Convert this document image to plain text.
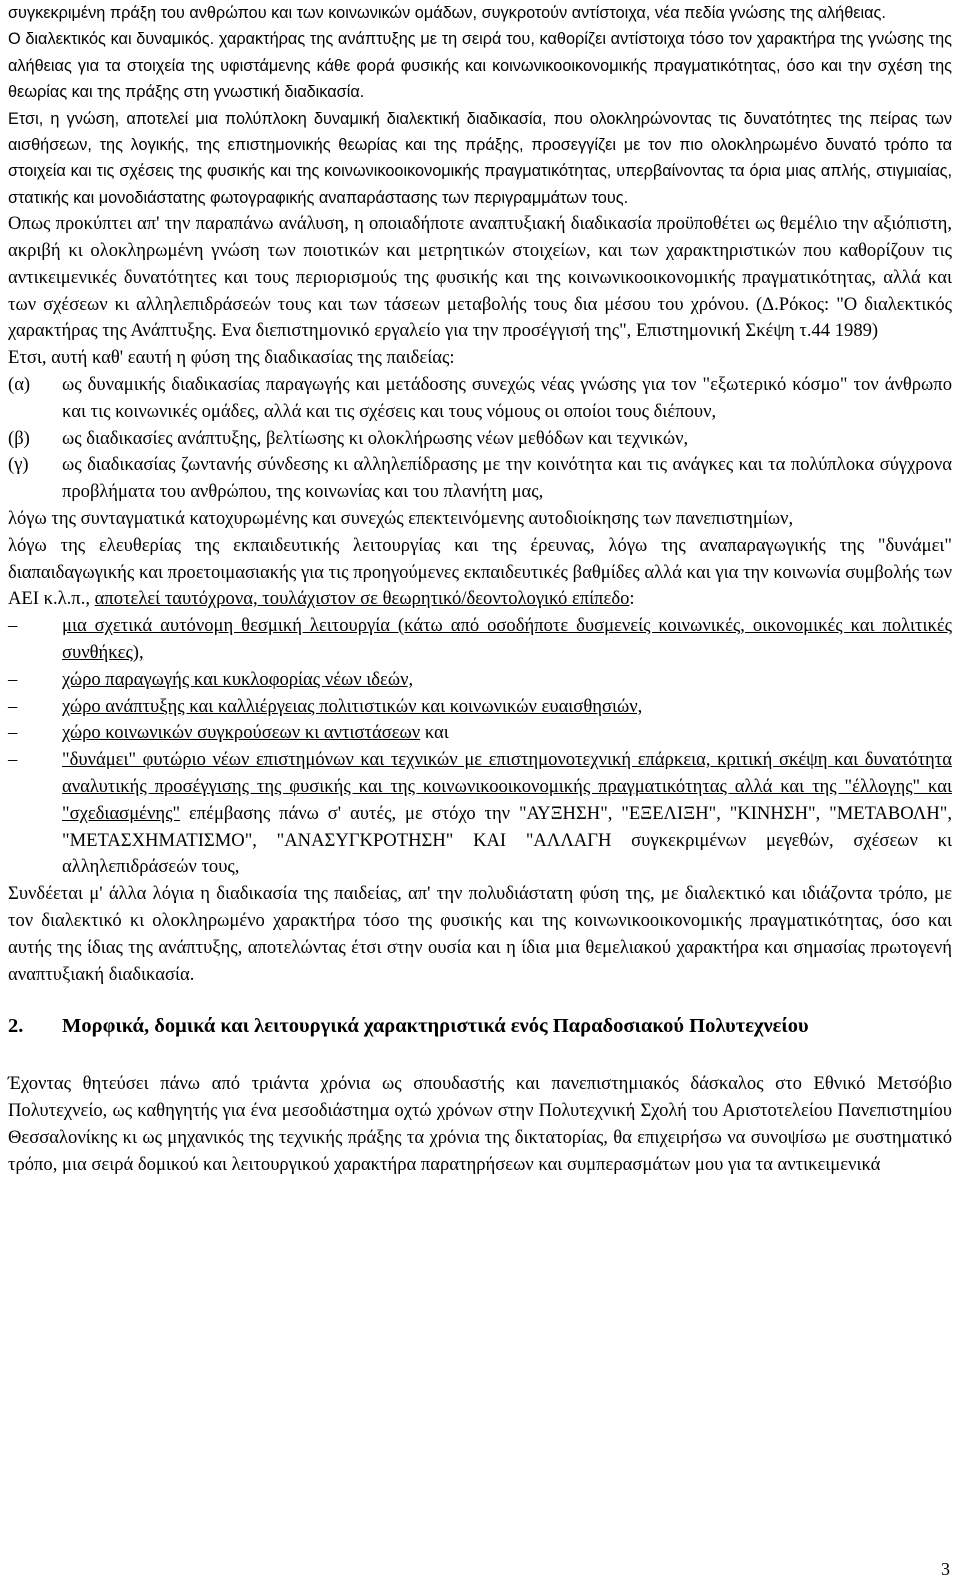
συγκεκριμένη πράξη του ανθρώπου και των κοινωνικών ομάδων, συγκροτούν αντίστοιχα, νέα πεδία γνώσης της αλήθειας.

Ο διαλεκτικός και δυναμικός. χαρακτήρας της ανάπτυξης με τη σειρά του, καθορίζει αντίστοιχα τόσο τον χαρακτήρα της γνώσης της αλήθειας για τα στοιχεία της υφιστάμενης κάθε φορά φυσικής και κοινωνικοοικονομικής πραγματικότητας, όσο και την σχέση της θεωρίας και της πράξης στη γνωστική διαδικασία.

Ετσι, η γνώση, αποτελεί μια πολύπλοκη δυναμική διαλεκτική διαδικασία, που ολοκληρώνοντας τις δυνατότητες της πείρας των αισθήσεων, της λογικής, της επιστημονικής θεωρίας και της πράξης, προσεγγίζει με τον πιο ολοκληρωμένο δυνατό τρόπο τα στοιχεία και τις σχέσεις της φυσικής και της κοινωνικοοικονομικής πραγματικότητας, υπερβαίνοντας τα όρια μιας απλής, στιγμιαίας, στατικής και μονοδιάστατης φωτογραφικής αναπαράστασης των περιγραμμάτων τους.

Οπως προκύπτει απ' την παραπάνω ανάλυση, η οποιαδήποτε αναπτυξιακή διαδικασία προϋποθέτει ως θεμέλιο την αξιόπιστη, ακριβή κι ολοκληρωμένη γνώση των ποιοτικών και μετρητικών στοιχείων, και των χαρακτηριστικών που καθορίζουν τις αντικειμενικές δυνατότητες και τους περιορισμούς της φυσικής και της κοινωνικοοικονομικής πραγματικότητας, αλλά και των σχέσεων κι αλληλεπιδράσεών τους και των τάσεων μεταβολής τους δια μέσου του χρόνου. (Δ.Ρόκος: "Ο διαλεκτικός χαρακτήρας της Ανάπτυξης. Ενα διεπιστημονικό εργαλείο για την προσέγγισή της", Επιστημονική Σκέψη τ.44 1989)

Ετσι, αυτή καθ' εαυτή η φύση της διαδικασίας της παιδείας:

(α)	ως δυναμικής διαδικασίας παραγωγής και μετάδοσης συνεχώς νέας γνώσης για τον "εξωτερικό κόσμο" τον άνθρωπο και τις κοινωνικές ομάδες, αλλά και τις σχέσεις και τους νόμους οι οποίοι τους διέπουν,
(β)	ως διαδικασίες ανάπτυξης, βελτίωσης κι ολοκλήρωσης νέων μεθόδων και τεχνικών,
(γ)	ως διαδικασίας ζωντανής σύνδεσης κι αλληλεπίδρασης με την κοινότητα και τις ανάγκες και τα πολύπλοκα σύγχρονα προβλήματα του ανθρώπου, της κοινωνίας και του πλανήτη μας,

λόγω της συνταγματικά κατοχυρωμένης και συνεχώς επεκτεινόμενης αυτοδιοίκησης των πανεπιστημίων,

λόγω της ελευθερίας της εκπαιδευτικής λειτουργίας και της έρευνας, λόγω της αναπαραγωγικής της "δυνάμει" διαπαιδαγωγικής και προετοιμασιακής για τις προηγούμενες εκπαιδευτικές βαθμίδες αλλά και για την κοινωνία συμβολής των ΑΕΙ κ.λ.π., αποτελεί ταυτόχρονα, τουλάχιστον σε θεωρητικό/δεοντολογικό επίπεδο:

–	μια σχετικά αυτόνομη θεσμική λειτουργία (κάτω από οσοδήποτε δυσμενείς κοινωνικές, οικονομικές και πολιτικές συνθήκες),
–	χώρο παραγωγής και κυκλοφορίας νέων ιδεών,
–	χώρο ανάπτυξης και καλλιέργειας πολιτιστικών και κοινωνικών ευαισθησιών,
–	χώρο κοινωνικών συγκρούσεων κι αντιστάσεων και
–	"δυνάμει" φυτώριο νέων επιστημόνων και τεχνικών με επιστημονοτεχνική επάρκεια, κριτική σκέψη και δυνατότητα αναλυτικής προσέγγισης της φυσικής και της κοινωνικοοικονομικής πραγματικότητας αλλά και της "έλλογης" και "σχεδιασμένης" επέμβασης πάνω σ' αυτές, με στόχο την "ΑΥΞΗΣΗ", "ΕΞΕΛΙΞΗ", "ΚΙΝΗΣΗ", "ΜΕΤΑΒΟΛΗ", "ΜΕΤΑΣΧΗΜΑΤΙΣΜΟ", "ΑΝΑΣΥΓΚΡΟΤΗΣΗ" ΚΑΙ "ΑΛΛΑΓΗ συγκεκριμένων μεγεθών, σχέσεων κι αλληλεπιδράσεών τους,

Συνδέεται μ' άλλα λόγια η διαδικασία της παιδείας, απ' την πολυδιάστατη φύση της, με διαλεκτικό και ιδιάζοντα τρόπο, με τον διαλεκτικό κι ολοκληρωμένο χαρακτήρα τόσο της φυσικής και της κοινωνικοοικονομικής πραγματικότητας, όσο και αυτής της ίδιας της ανάπτυξης, αποτελώντας έτσι στην ουσία και η ίδια μια θεμελιακού χαρακτήρα και σημασίας πρωτογενή αναπτυξιακή διαδικασία.

2.	Μορφικά, δομικά και λειτουργικά χαρακτηριστικά ενός Παραδοσιακού Πολυτεχνείου

Έχοντας θητεύσει πάνω από τριάντα χρόνια ως σπουδαστής και πανεπιστημιακός δάσκαλος στο Εθνικό Μετσόβιο Πολυτεχνείο, ως καθηγητής για ένα μεσοδιάστημα οχτώ χρόνων στην Πολυτεχνική Σχολή του Αριστοτελείου Πανεπιστημίου Θεσσαλονίκης κι ως μηχανικός της τεχνικής πράξης τα χρόνια της δικτατορίας, θα επιχειρήσω να συνοψίσω με συστηματικό τρόπο, μια σειρά δομικού και λειτουργικού χαρακτήρα παρατηρήσεων και συμπερασμάτων μου για τα αντικειμενικά

3
